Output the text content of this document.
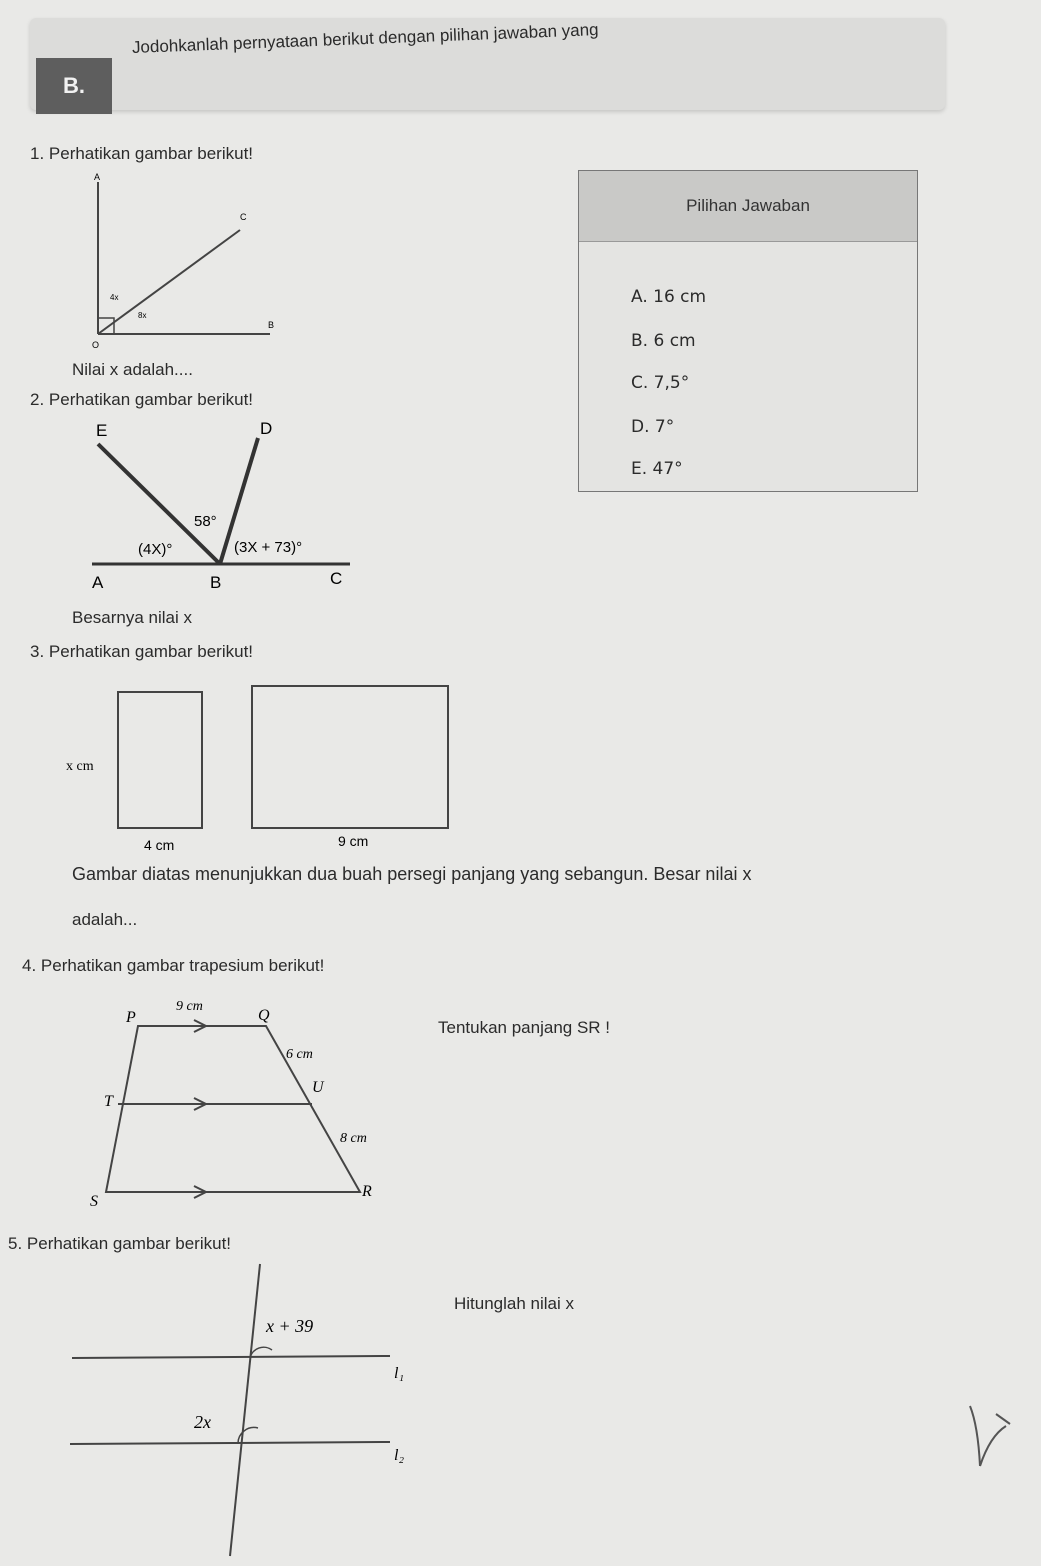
B.
Jodohkanlah pernyataan berikut dengan pilihan jawaban yang
Pilihan Jawaban
A. 16 cm
B. 6 cm
C. 7,5°
D. 7°
E. 47°
1. Perhatikan gambar berikut!
A
C
B
O
4x
8x
Nilai x adalah....
2. Perhatikan gambar berikut!
E	D
A	B	C
58°
(4X)°	(3X + 73)°
Besarnya nilai x
3. Perhatikan gambar berikut!
x cm
4 cm	9 cm
Gambar diatas menunjukkan dua buah persegi panjang yang sebangun. Besar nilai x
adalah...
4. Perhatikan gambar trapesium berikut!
P	Q
T
U
S
R
9 cm
6 cm
8 cm
Tentukan panjang SR !
5. Perhatikan gambar berikut!
x + 39
2x
l₁
l₂
Hitunglah nilai x
